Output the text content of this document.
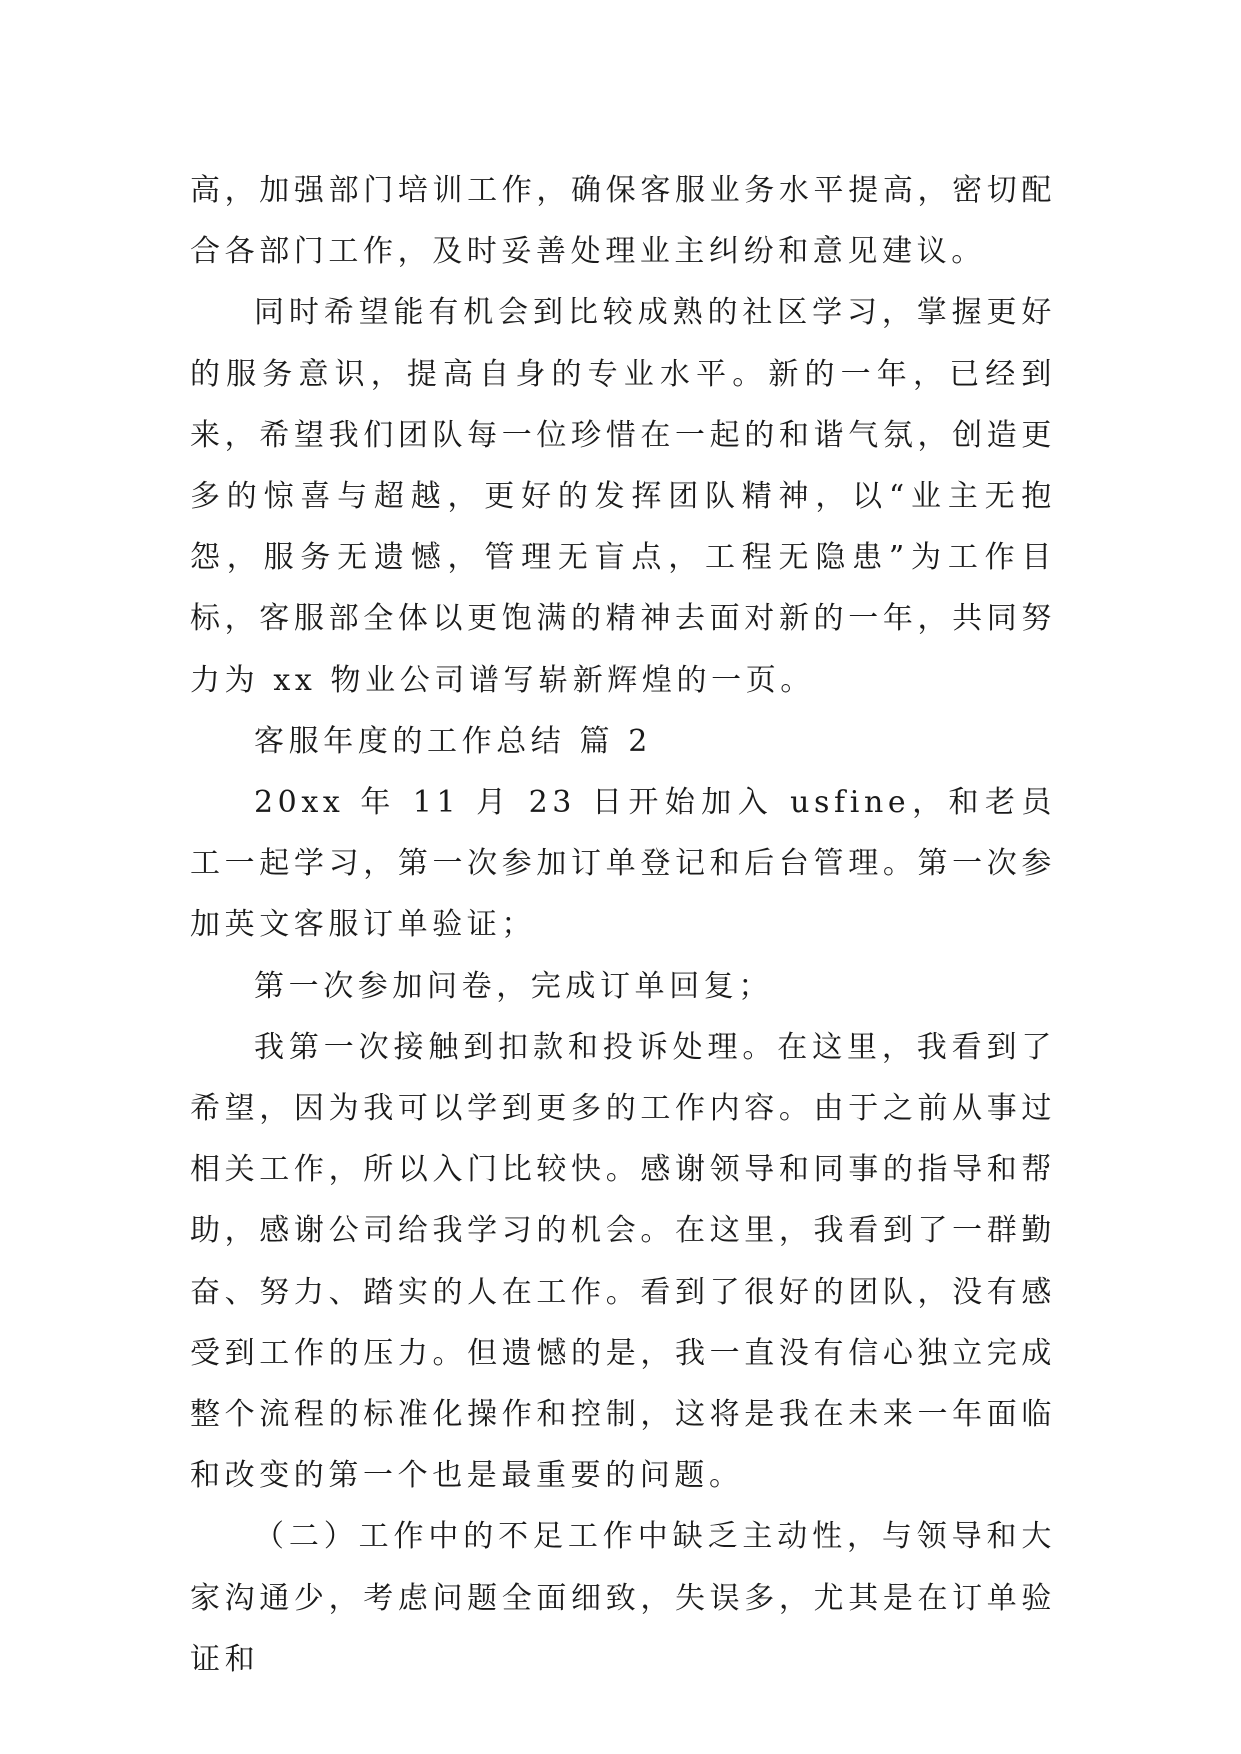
高，加强部门培训工作，确保客服业务水平提高，密切配合各部门工作，及时妥善处理业主纠纷和意见建议。

同时希望能有机会到比较成熟的社区学习，掌握更好的服务意识，提高自身的专业水平。新的一年，已经到来，希望我们团队每一位珍惜在一起的和谐气氛，创造更多的惊喜与超越，更好的发挥团队精神，以“业主无抱怨，服务无遗憾，管理无盲点，工程无隐患”为工作目标，客服部全体以更饱满的精神去面对新的一年，共同努力为 xx 物业公司谱写崭新辉煌的一页。

客服年度的工作总结 篇 2

20xx 年 11 月 23 日开始加入 usfine，和老员工一起学习，第一次参加订单登记和后台管理。第一次参加英文客服订单验证；

第一次参加问卷，完成订单回复；

我第一次接触到扣款和投诉处理。在这里，我看到了希望，因为我可以学到更多的工作内容。由于之前从事过相关工作，所以入门比较快。感谢领导和同事的指导和帮助，感谢公司给我学习的机会。在这里，我看到了一群勤奋、努力、踏实的人在工作。看到了很好的团队，没有感受到工作的压力。但遗憾的是，我一直没有信心独立完成整个流程的标准化操作和控制，这将是我在未来一年面临和改变的第一个也是最重要的问题。

（二）工作中的不足工作中缺乏主动性，与领导和大家沟通少，考虑问题全面细致，失误多，尤其是在订单验证和
